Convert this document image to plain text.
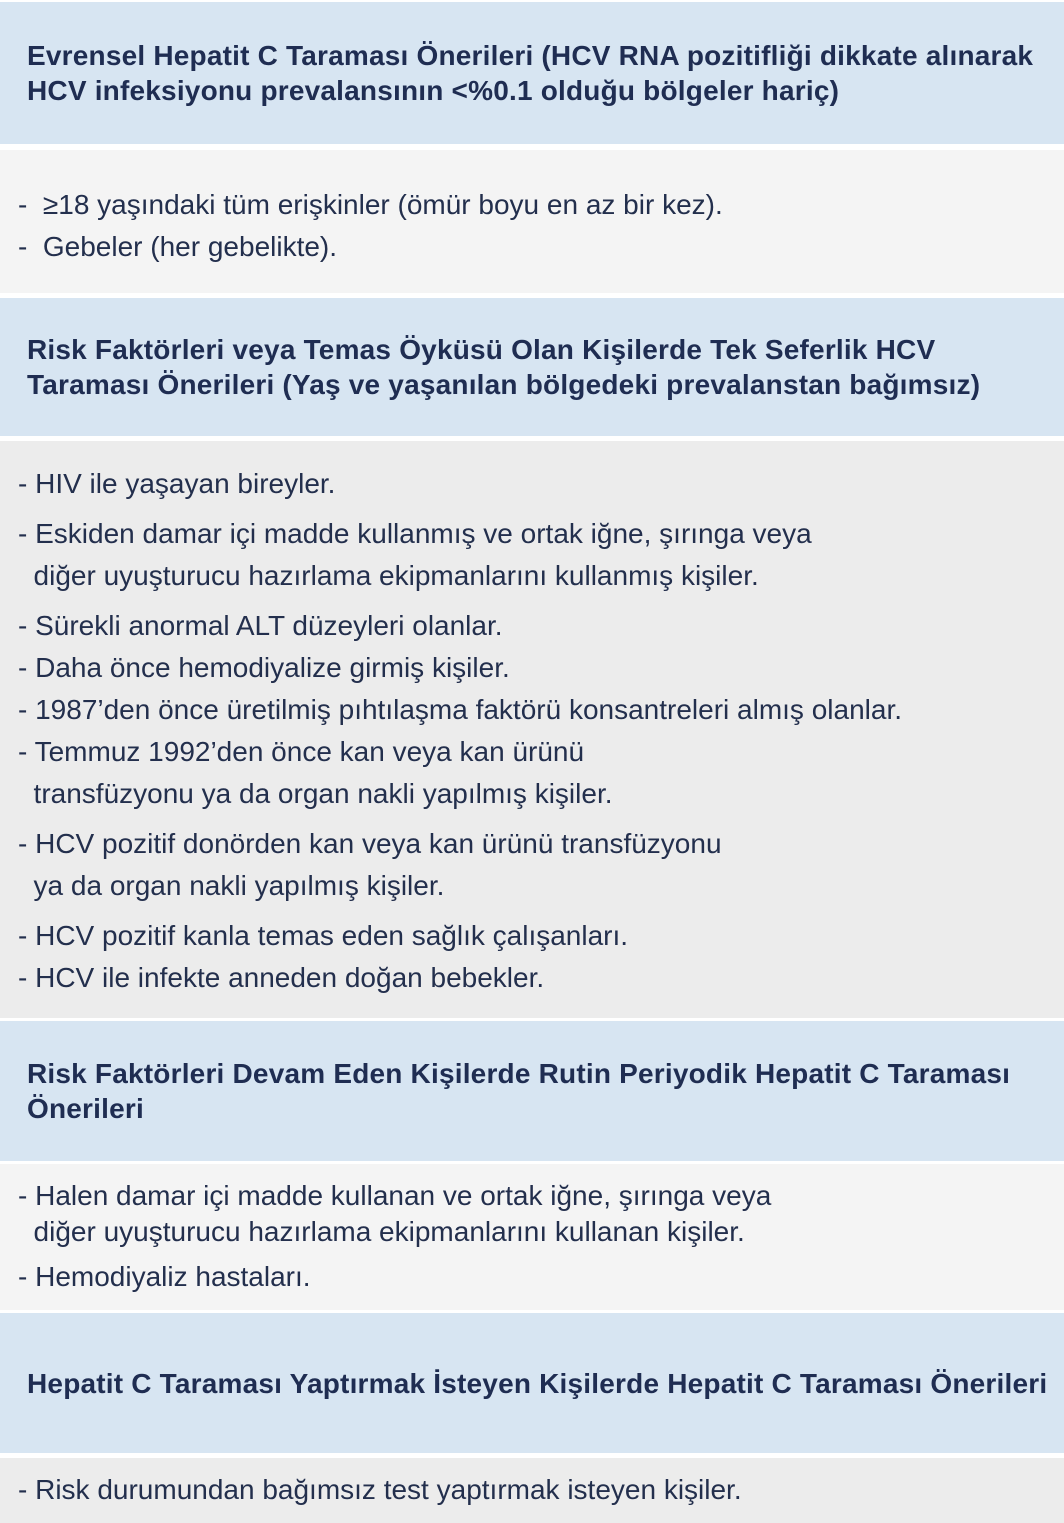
Evrensel Hepatit C Taraması Önerileri (HCV RNA pozitifliği dikkate alınarak HCV infeksiyonu prevalansının <%0.1 olduğu bölgeler hariç)
-  ≥18 yaşındaki tüm erişkinler (ömür boyu en az bir kez).
-  Gebeler (her gebelikte).
Risk Faktörleri veya Temas Öyküsü Olan Kişilerde Tek Seferlik HCV Taraması Önerileri (Yaş ve yaşanılan bölgedeki prevalanstan bağımsız)
- HIV ile yaşayan bireyler.
- Eskiden damar içi madde kullanmış ve ortak iğne, şırınga veya
diğer uyuşturucu hazırlama ekipmanlarını kullanmış kişiler.
- Sürekli anormal ALT düzeyleri olanlar.
- Daha önce hemodiyalize girmiş kişiler.
- 1987’den önce üretilmiş pıhtılaşma faktörü konsantreleri almış olanlar.
- Temmuz 1992’den önce kan veya kan ürünü
transfüzyonu ya da organ nakli yapılmış kişiler.
- HCV pozitif donörden kan veya kan ürünü transfüzyonu
ya da organ nakli yapılmış kişiler.
- HCV pozitif kanla temas eden sağlık çalışanları.
- HCV ile infekte anneden doğan bebekler.
Risk Faktörleri Devam Eden Kişilerde Rutin Periyodik Hepatit C Taraması Önerileri
- Halen damar içi madde kullanan ve ortak iğne, şırınga veya
diğer uyuşturucu hazırlama ekipmanlarını kullanan kişiler.
- Hemodiyaliz hastaları.
Hepatit C Taraması Yaptırmak İsteyen Kişilerde Hepatit C Taraması Önerileri
- Risk durumundan bağımsız test yaptırmak isteyen kişiler.
